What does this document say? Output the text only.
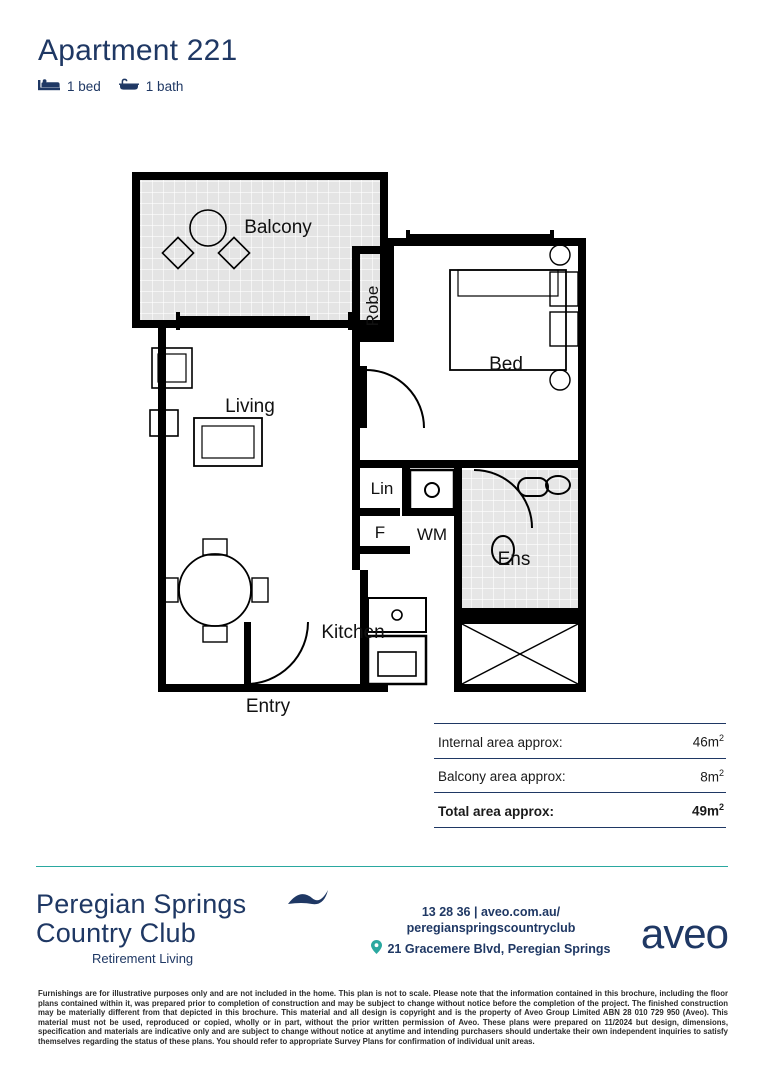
Apartment 221
1 bed	1 bath
Balcony
Living
Robe
Bed
Lin
WM
F
Ens
Kitchen
Entry
Internal area approx:	$46m^2$
Balcony area approx:	$8m^2$
Total area approx:	$49m^2$
Peregian Springs
Country Club
Retirement Living
13 28 36 | aveo.com.au/
peregianspringscountryclub
21 Gracemere Blvd, Peregian Springs aveo
Furnishings are for illustrative purposes only and are not included in the home. This plan is not to scale. Please note that the information contained in this brochure, including the floor plans contained within it, was prepared prior to completion of construction and may be subject to change without notice before the completion of the project. The finished construction may be materially different from that depicted in this brochure. This material and all design is copyright and is the property of Aveo Group Limited ABN 28 010 729 950 (Aveo). This material must not be used, reproduced or copied, wholly or in part, without the prior written permission of Aveo. These plans were prepared on 11/2024 but design, dimensions, specification and materials are indicative only and are subject to change without notice at anytime and intending purchasers should undertake their own independent inquiries to satisfy themselves regarding the status of these plans. You should refer to appropriate Survey Plans for confirmation of individual unit areas.
